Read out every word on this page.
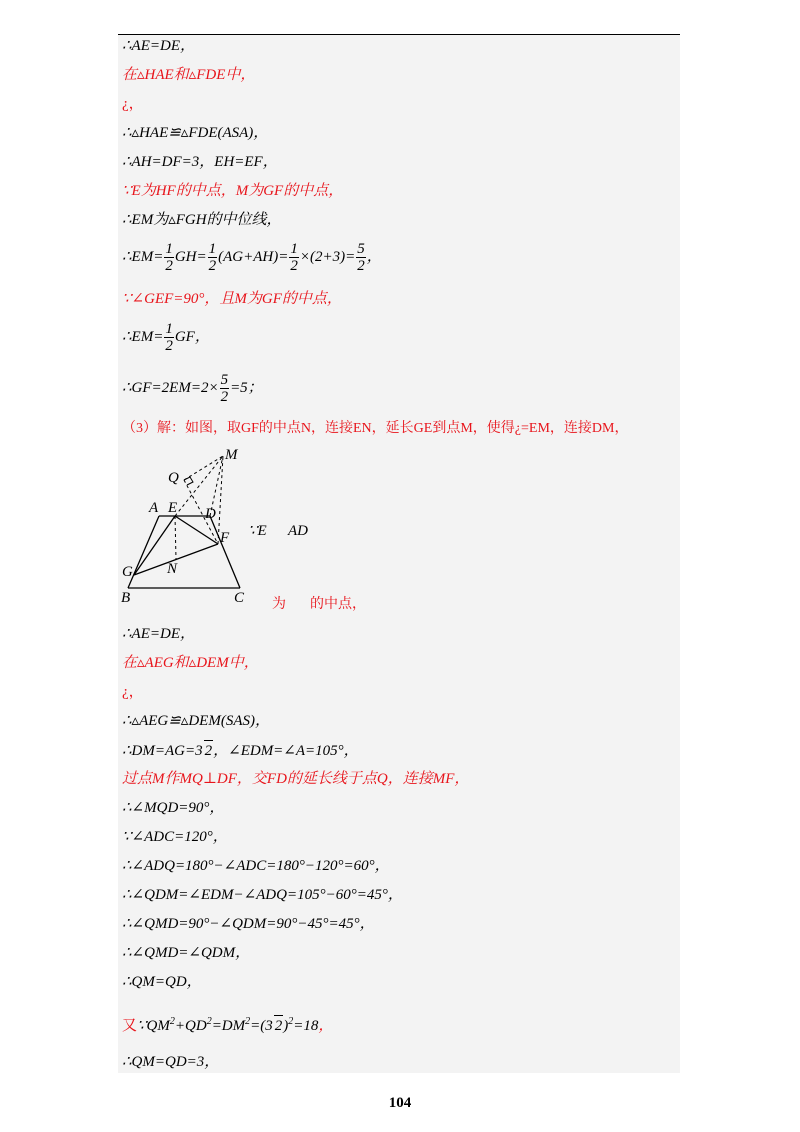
∴AE=DE，
在▵HAE和▵FDE中，
¿，
∴▵HAE≌▵FDE(ASA)，
∴AH=DF=3，EH=EF，
∵E为HF的中点，M为GF的中点，
∴EM为▵FGH的中位线，
∴EM= $\frac{1}{2} GH= \frac{1}{2} (AG+AH)= \frac{1}{2} \times(2+3)= \frac{5}{2}$ ，
∵∠GEF=90°，且M为GF的中点，
∴EM= $\frac{1}{2}$ GF，
∴GF=2EM=2× $\frac{5}{2} =5$；
（3）解：如图，取GF的中点N，连接EN，延长GE到点M，使得¿=EM，连接DM，
M
Q
A E D
F
G N
B	C
∵E AD
为 的中点，
∴AE=DE，
在▵AEG和▵DEM中，
¿，
∴▵AEG≌▵DEM(SAS)，
∴DM=AG=3 2，∠EDM=∠A=105°，
过点M作MQ⊥DF，交FD的延长线于点Q，连接MF，
∴∠MQD=90°，
∵∠ADC=120°，
∴∠ADQ=180°−∠ADC=180°−120°=60°，
∴∠QDM=∠EDM−∠ADQ=105°−60°=45°，
∴∠QMD=90°−∠QDM=90°−45°=45°，
∴∠QMD=∠QDM，
∴QM=QD，
又$\because QM^2+QD^2=DM^2=(3$ 2)$^2$=18，
∴QM=QD=3，
104
